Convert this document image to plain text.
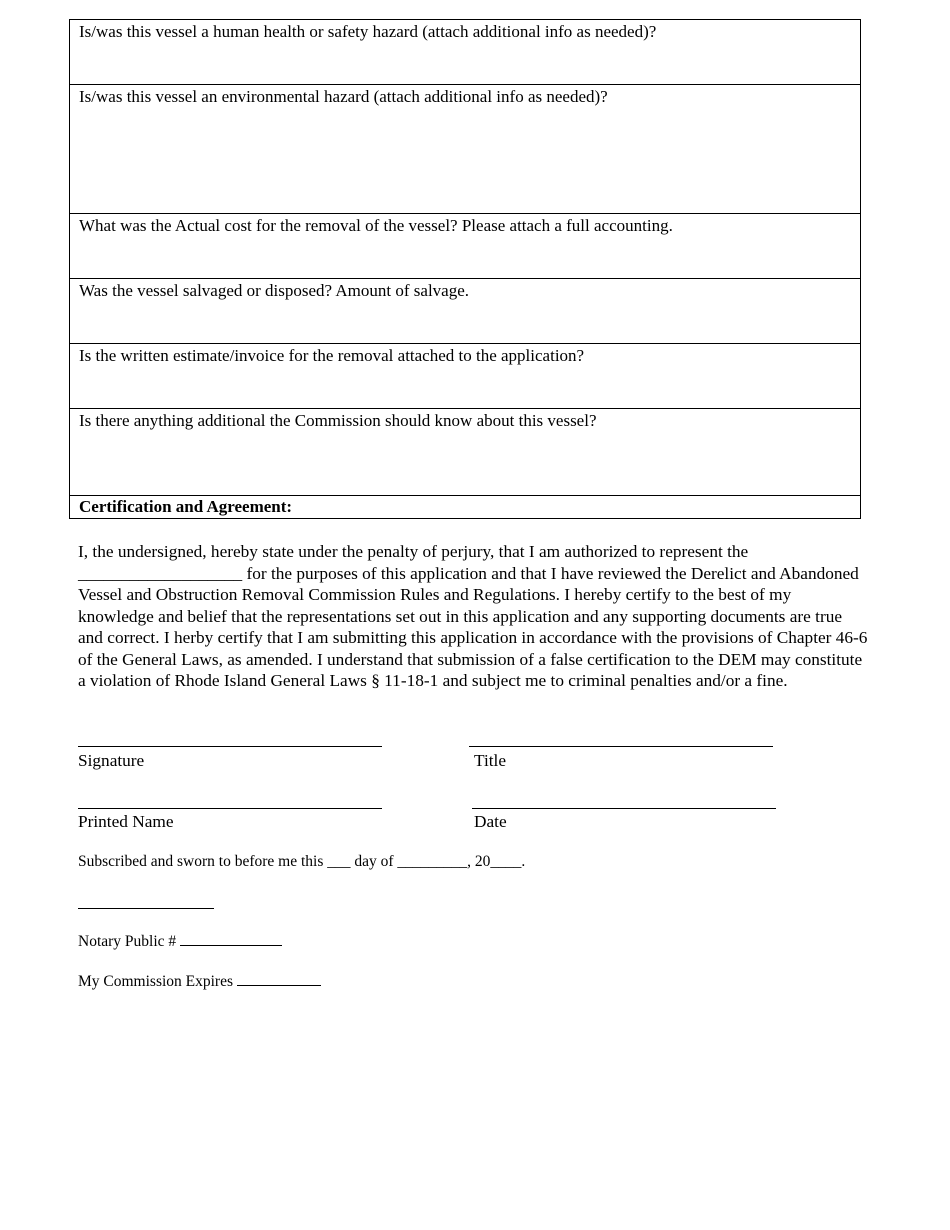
Is/was this vessel a human health or safety hazard (attach additional info as needed)?
Is/was this vessel an environmental hazard (attach additional info as needed)?
What was the Actual cost for the removal of the vessel? Please attach a full accounting.
Was the vessel salvaged or disposed? Amount of salvage.
Is the written estimate/invoice for the removal attached to the application?
Is there anything additional the Commission should know about this vessel?
Certification and Agreement:

I, the undersigned, hereby state under the penalty of perjury, that I am authorized to represent the ___________________ for the purposes of this application and that I have reviewed the Derelict and Abandoned Vessel and Obstruction Removal Commission Rules and Regulations. I hereby certify to the best of my knowledge and belief that the representations set out in this application and any supporting documents are true and correct. I herby certify that I am submitting this application in accordance with the provisions of Chapter 46-6 of the General Laws, as amended. I understand that submission of a false certification to the DEM may constitute a violation of Rhode Island General Laws § 11-18-1 and subject me to criminal penalties and/or a fine.

Signature	Title
Printed Name	Date
Subscribed and sworn to before me this ___ day of _________, 20____.
Notary Public #
My Commission Expires
